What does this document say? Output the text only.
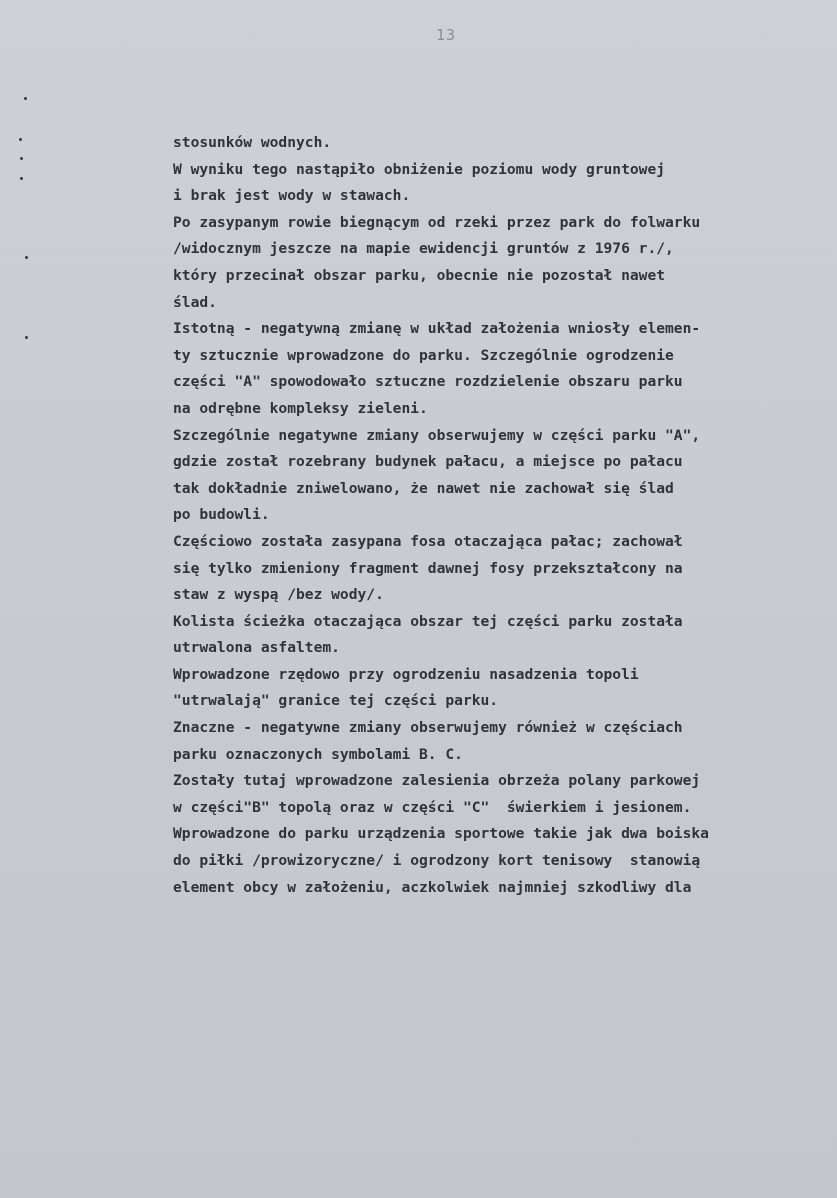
13
stosunków wodnych.
W wyniku tego nastąpiło obniżenie poziomu wody gruntowej
i brak jest wody w stawach.
Po zasypanym rowie biegnącym od rzeki przez park do folwarku
/widocznym jeszcze na mapie ewidencji gruntów z 1976 r./,
który przecinał obszar parku, obecnie nie pozostał nawet
ślad.
Istotną - negatywną zmianę w układ założenia wniosły elemen-
ty sztucznie wprowadzone do parku. Szczególnie ogrodzenie
części "A" spowodowało sztuczne rozdzielenie obszaru parku
na odrębne kompleksy zieleni.
Szczególnie negatywne zmiany obserwujemy w części parku "A",
gdzie został rozebrany budynek pałacu, a miejsce po pałacu
tak dokładnie zniwelowano, że nawet nie zachował się ślad
po budowli.
Częściowo została zasypana fosa otaczająca pałac; zachował
się tylko zmieniony fragment dawnej fosy przekształcony na
staw z wyspą /bez wody/.
Kolista ścieżka otaczająca obszar tej części parku została
utrwalona asfaltem.
Wprowadzone rzędowo przy ogrodzeniu nasadzenia topoli
"utrwalają" granice tej części parku.
Znaczne - negatywne zmiany obserwujemy również w częściach
parku oznaczonych symbolami B. C.
Zostały tutaj wprowadzone zalesienia obrzeża polany parkowej
w części"B" topolą oraz w części "C"  świerkiem i jesionem.
Wprowadzone do parku urządzenia sportowe takie jak dwa boiska
do piłki /prowizoryczne/ i ogrodzony kort tenisowy  stanowią
element obcy w założeniu, aczkolwiek najmniej szkodliwy dla
